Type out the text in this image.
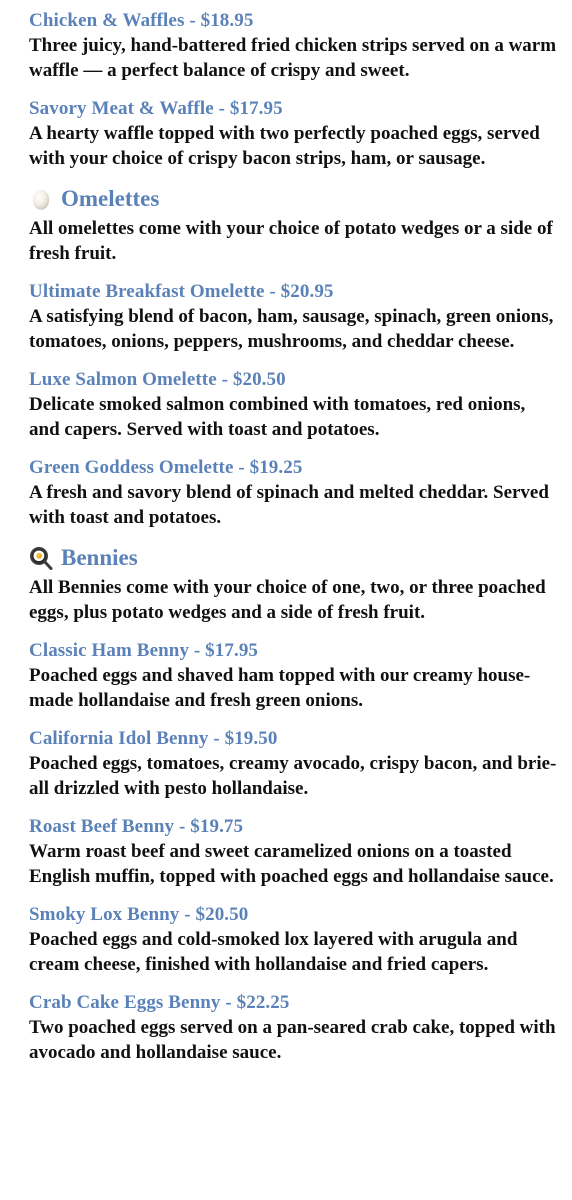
Chicken & Waffles - $18.95
Three juicy, hand-battered fried chicken strips served on a warm waffle — a perfect balance of crispy and sweet.
Savory Meat & Waffle - $17.95
A hearty waffle topped with two perfectly poached eggs, served with your choice of crispy bacon strips, ham, or sausage.
Omelettes
All omelettes come with your choice of potato wedges or a side of fresh fruit.
Ultimate Breakfast Omelette - $20.95
A satisfying blend of bacon, ham, sausage, spinach, green onions, tomatoes, onions, peppers, mushrooms, and cheddar cheese.
Luxe Salmon Omelette - $20.50
Delicate smoked salmon combined with tomatoes, red onions, and capers. Served with toast and potatoes.
Green Goddess Omelette - $19.25
A fresh and savory blend of spinach and melted cheddar. Served with toast and potatoes.
Bennies
All Bennies come with your choice of one, two, or three poached eggs, plus potato wedges and a side of fresh fruit.
Classic Ham Benny - $17.95
Poached eggs and shaved ham topped with our creamy house-made hollandaise and fresh green onions.
California Idol Benny - $19.50
Poached eggs, tomatoes, creamy avocado, crispy bacon, and brie- all drizzled with pesto hollandaise.
Roast Beef Benny - $19.75
Warm roast beef and sweet caramelized onions on a toasted English muffin, topped with poached eggs and hollandaise sauce.
Smoky Lox Benny - $20.50
Poached eggs and cold-smoked lox layered with arugula and cream cheese, finished with hollandaise and fried capers.
Crab Cake Eggs Benny - $22.25
Two poached eggs served on a pan-seared crab cake, topped with avocado and hollandaise sauce.
